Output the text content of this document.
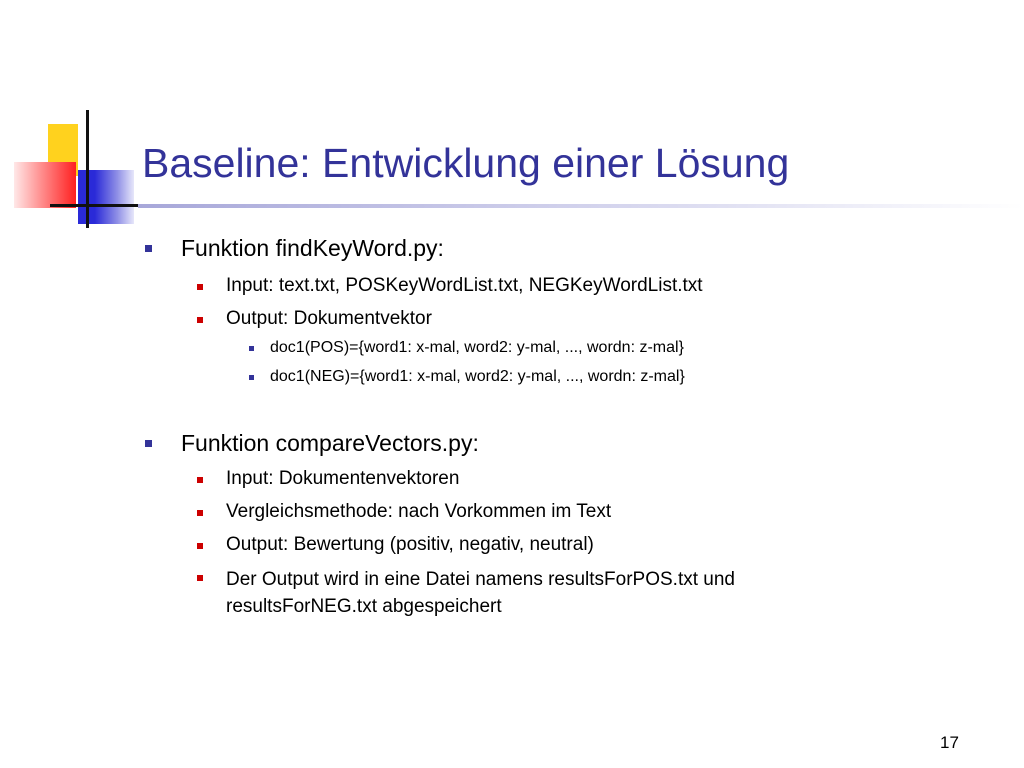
Baseline: Entwicklung einer Lösung
Funktion findKeyWord.py:
Input: text.txt, POSKeyWordList.txt, NEGKeyWordList.txt
Output: Dokumentvektor
doc1(POS)={word1: x-mal, word2: y-mal, ..., wordn: z-mal}
doc1(NEG)={word1: x-mal, word2: y-mal, ..., wordn: z-mal}
Funktion compareVectors.py:
Input: Dokumentenvektoren
Vergleichsmethode: nach Vorkommen im Text
Output: Bewertung (positiv, negativ, neutral)
Der Output wird in eine Datei namens resultsForPOS.txt und resultsForNEG.txt abgespeichert
17
